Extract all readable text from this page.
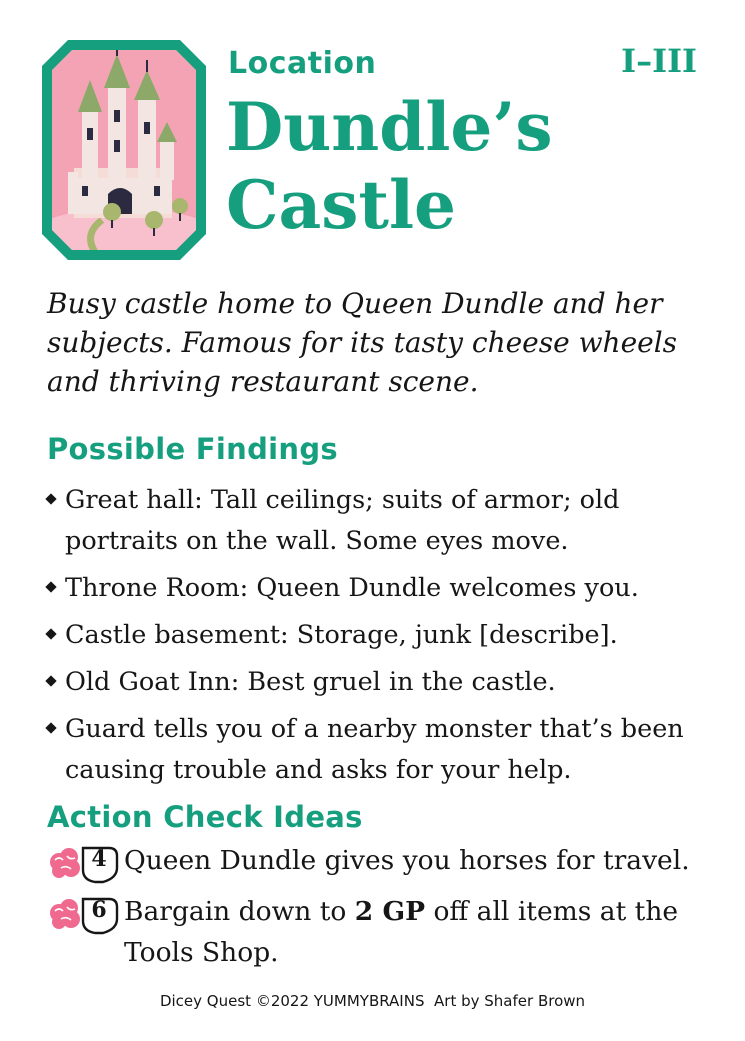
Location	I–III
Dundle’s
Castle

Busy castle home to Queen Dundle and her subjects. Famous for its tasty cheese wheels and thriving restaurant scene.

Possible Findings
Great hall: Tall ceilings; suits of armor; old portraits on the wall. Some eyes move.
Throne Room: Queen Dundle welcomes you.
Castle basement: Storage, junk [describe].
Old Goat Inn: Best gruel in the castle.
Guard tells you of a nearby monster that’s been causing trouble and asks for your help.
Action Check Ideas
4 Queen Dundle gives you horses for travel.
6 Bargain down to 2 GP off all items at the Tools Shop.
Dicey Quest ©2022 YUMMYBRAINS Art by Shafer Brown
